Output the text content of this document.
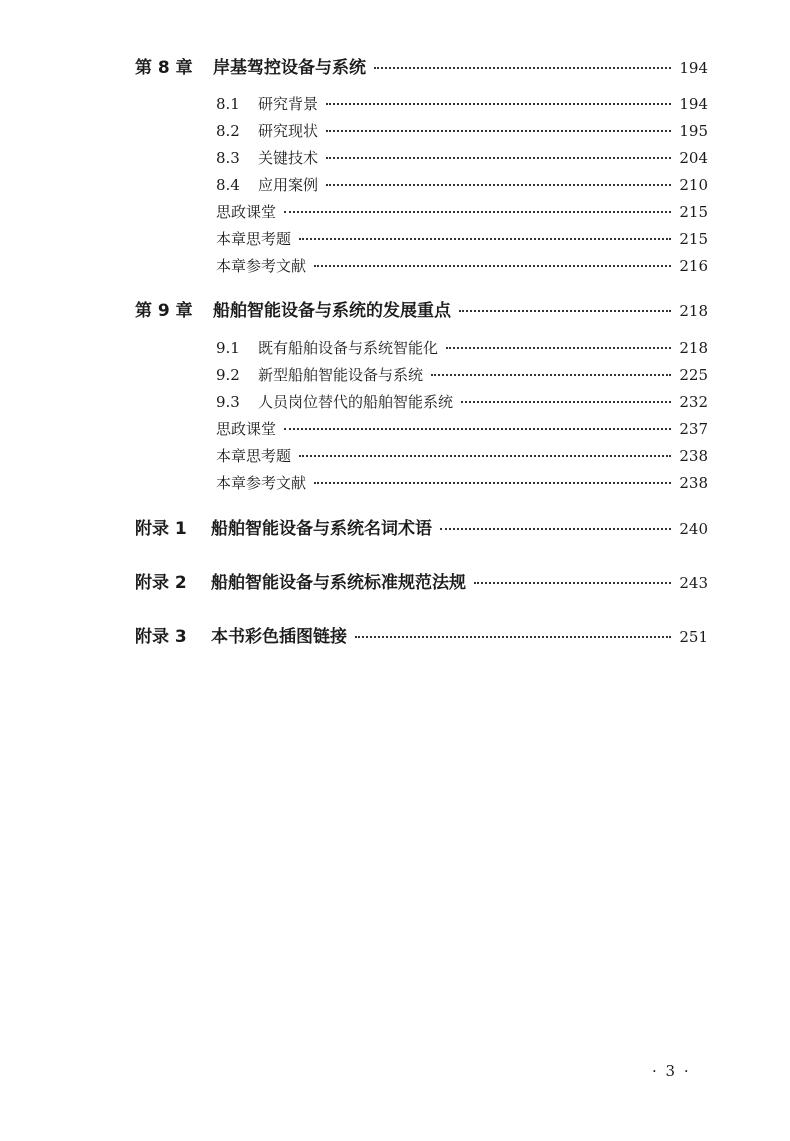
第 8 章	岸基驾控设备与系统	194
8.1	研究背景	194
8.2	研究现状	195
8.3	关键技术	204
8.4	应用案例	210
思政课堂	215
本章思考题	215
本章参考文献	216
第 9 章	船舶智能设备与系统的发展重点	218
9.1	既有船舶设备与系统智能化	218
9.2	新型船舶智能设备与系统	225
9.3	人员岗位替代的船舶智能系统	232
思政课堂	237
本章思考题	238
本章参考文献	238
附录 1	船舶智能设备与系统名词术语	240
附录 2	船舶智能设备与系统标准规范法规	243
附录 3	本书彩色插图链接	251
· 3 ·
